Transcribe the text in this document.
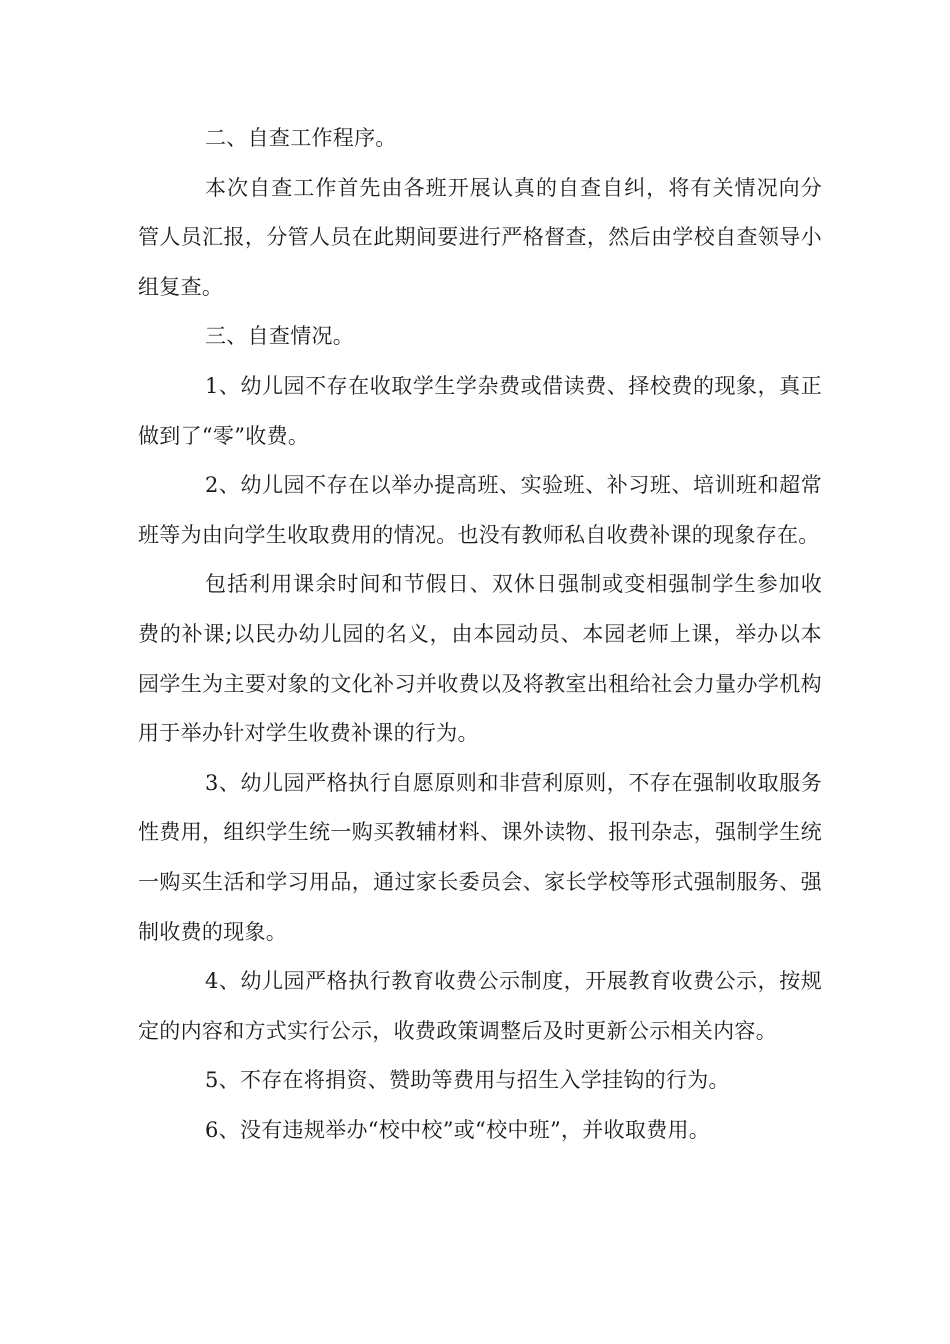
二、自查工作程序。

本次自查工作首先由各班开展认真的自查自纠，将有关情况向分管人员汇报，分管人员在此期间要进行严格督查，然后由学校自查领导小组复查。

三、自查情况。

1、幼儿园不存在收取学生学杂费或借读费、择校费的现象，真正做到了“零”收费。

2、幼儿园不存在以举办提高班、实验班、补习班、培训班和超常班等为由向学生收取费用的情况。也没有教师私自收费补课的现象存在。

包括利用课余时间和节假日、双休日强制或变相强制学生参加收费的补课;以民办幼儿园的名义，由本园动员、本园老师上课，举办以本园学生为主要对象的文化补习并收费以及将教室出租给社会力量办学机构用于举办针对学生收费补课的行为。

3、幼儿园严格执行自愿原则和非营利原则，不存在强制收取服务性费用，组织学生统一购买教辅材料、课外读物、报刊杂志，强制学生统一购买生活和学习用品，通过家长委员会、家长学校等形式强制服务、强制收费的现象。

4、幼儿园严格执行教育收费公示制度，开展教育收费公示，按规定的内容和方式实行公示，收费政策调整后及时更新公示相关内容。

5、不存在将捐资、赞助等费用与招生入学挂钩的行为。

6、没有违规举办“校中校”或“校中班”，并收取费用。
